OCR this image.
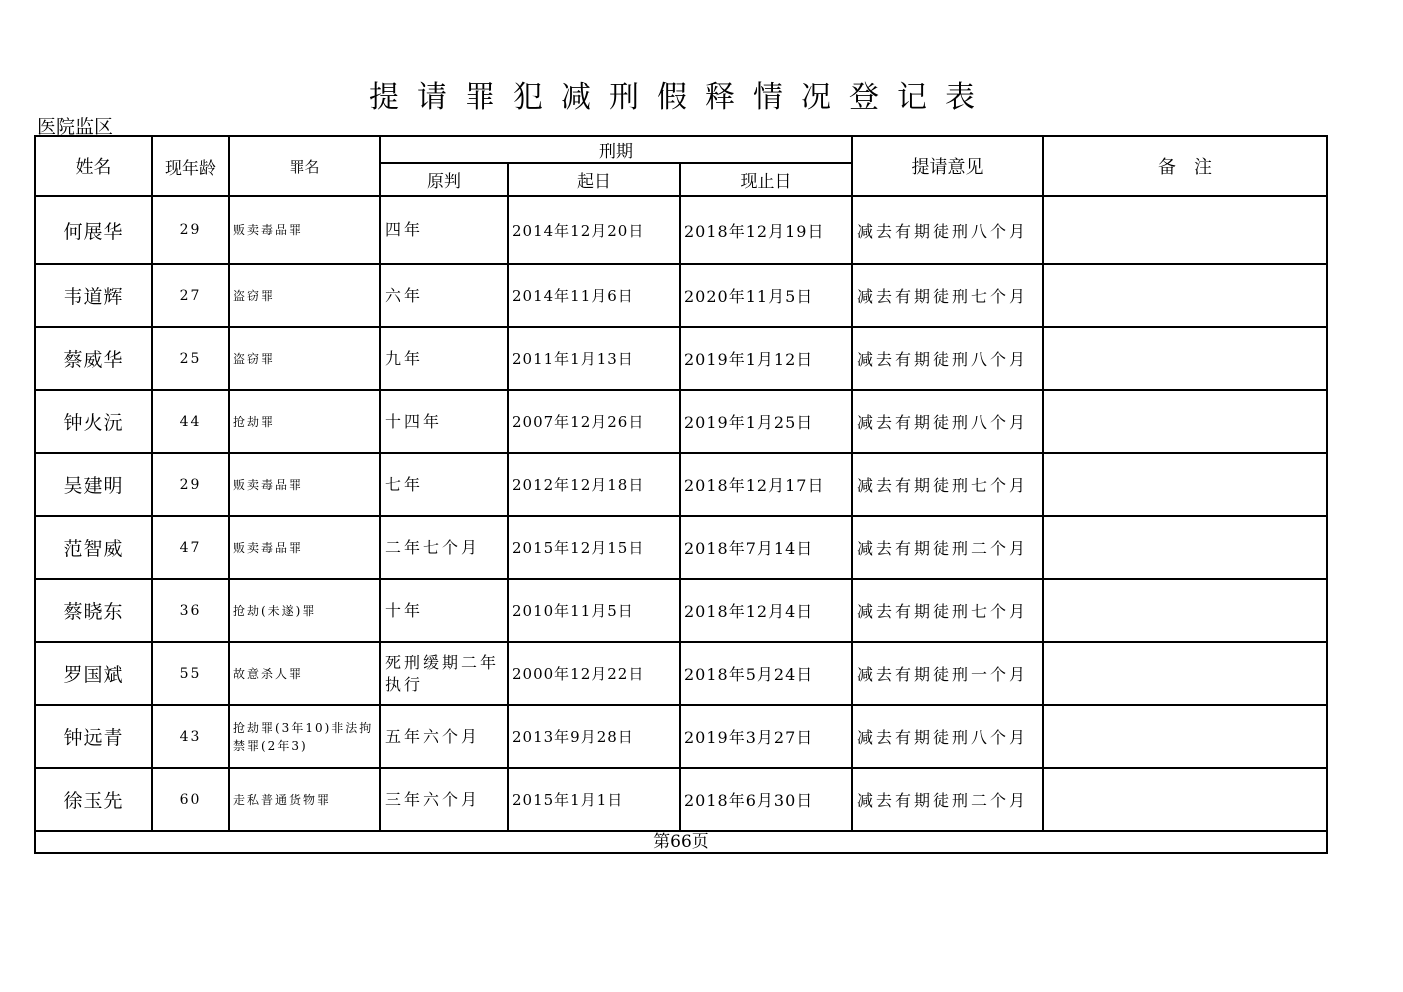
提请罪犯减刑假释情况登记表
医院监区
姓名	现年龄	罪名	刑期			提请意见	备　注
			原判	起日	现止日		
何展华	29	贩卖毒品罪	四年	2014年12月20日	2018年12月19日	减去有期徒刑八个月	
韦道辉	27	盗窃罪	六年	2014年11月6日	2020年11月5日	减去有期徒刑七个月	
蔡威华	25	盗窃罪	九年	2011年1月13日	2019年1月12日	减去有期徒刑八个月	
钟火沅	44	抢劫罪	十四年	2007年12月26日	2019年1月25日	减去有期徒刑八个月	
吴建明	29	贩卖毒品罪	七年	2012年12月18日	2018年12月17日	减去有期徒刑七个月	
范智威	47	贩卖毒品罪	二年七个月	2015年12月15日	2018年7月14日	减去有期徒刑二个月	
蔡晓东	36	抢劫(未遂)罪	十年	2010年11月5日	2018年12月4日	减去有期徒刑七个月	
罗国斌	55	故意杀人罪	死刑缓期二年执行	2000年12月22日	2018年5月24日	减去有期徒刑一个月	
钟远青	43	抢劫罪(3年10)非法拘禁罪(2年3)	五年六个月	2013年9月28日	2019年3月27日	减去有期徒刑八个月	
徐玉先	60	走私普通货物罪	三年六个月	2015年1月1日	2018年6月30日	减去有期徒刑二个月	
第66页							
